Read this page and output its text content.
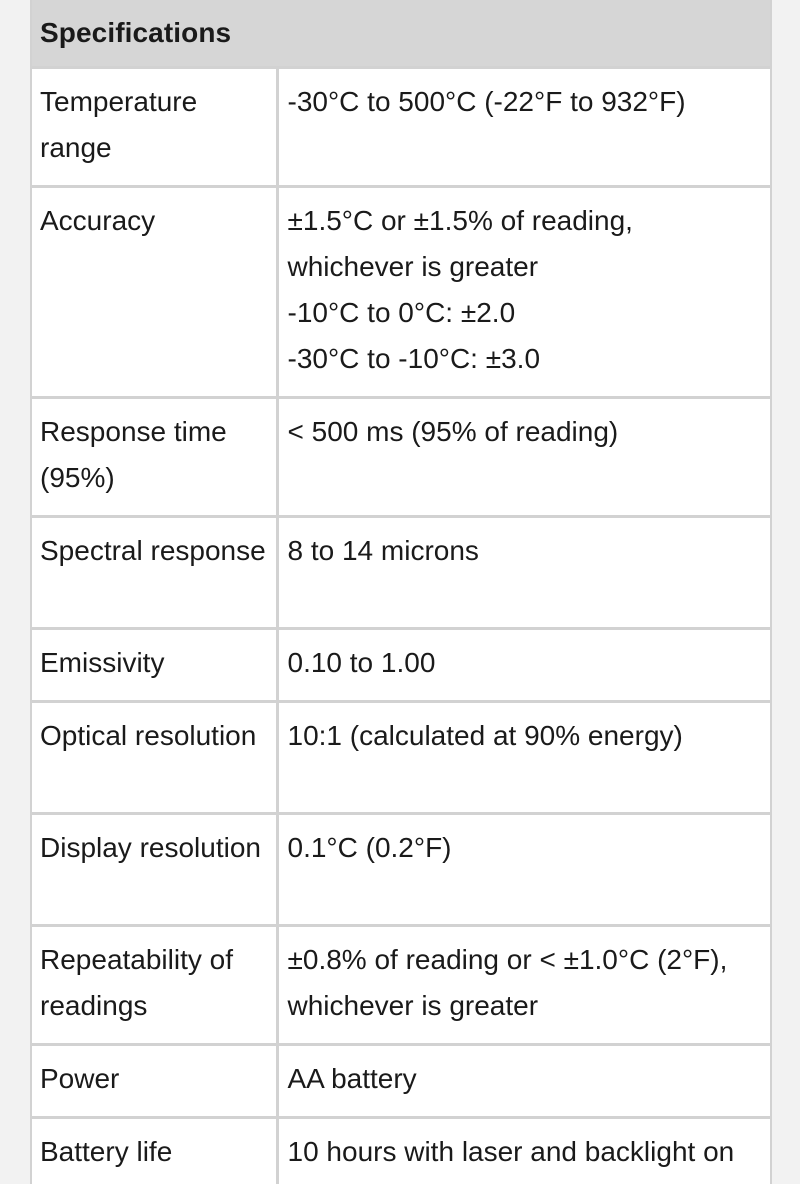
Specifications	
Temperature range	-30°C to 500°C (-22°F to 932°F)

Accuracy	±1.5°C or ±1.5% of reading, whichever is greater
-10°C to 0°C: ±2.0
-30°C to -10°C: ±3.0

Response time (95%)	< 500 ms (95% of reading)

Spectral response	8 to 14 microns

Emissivity	0.10 to 1.00

Optical resolution	10:1 (calculated at 90% energy)

Display resolution	0.1°C (0.2°F)

Repeatability of readings	±0.8% of reading or < ±1.0°C (2°F), whichever is greater

Power	AA battery

Battery life	10 hours with laser and backlight on
